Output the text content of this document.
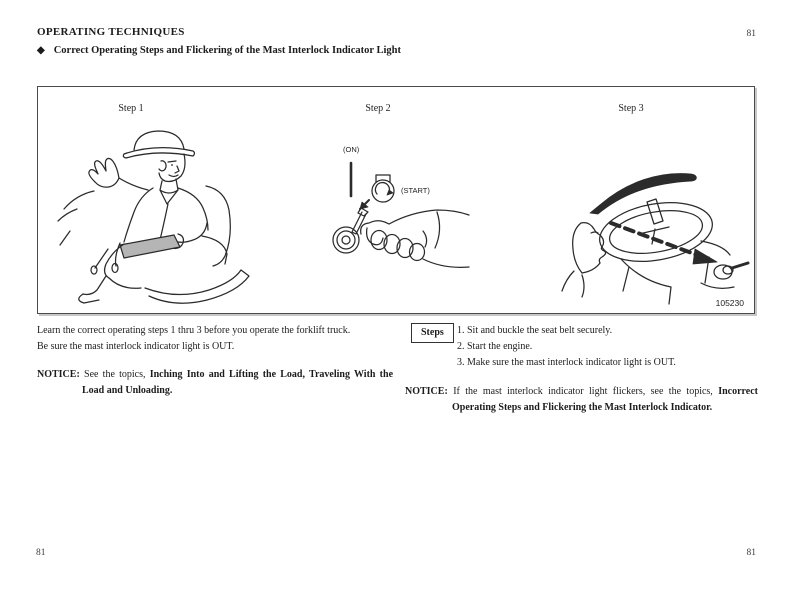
OPERATING TECHNIQUES	81
◆ Correct Operating Steps and Flickering of the Mast Interlock Indicator Light
Step 1	Step 2	Step 3
(ON)
(START)
105230
Learn the correct operating steps 1 thru 3 before you operate the forklift truck.
Be sure the mast interlock indicator light is OUT.
NOTICE: See the topics, Inching Into and Lifting the Load, Traveling With the Load and Unloading.
Steps	1. Sit and buckle the seat belt securely.
2. Start the engine.
3. Make sure the mast interlock indicator light is OUT.
NOTICE: If the mast interlock indicator light flickers, see the topics, Incorrect Operating Steps and Flickering the Mast Interlock Indicator.
81	81
